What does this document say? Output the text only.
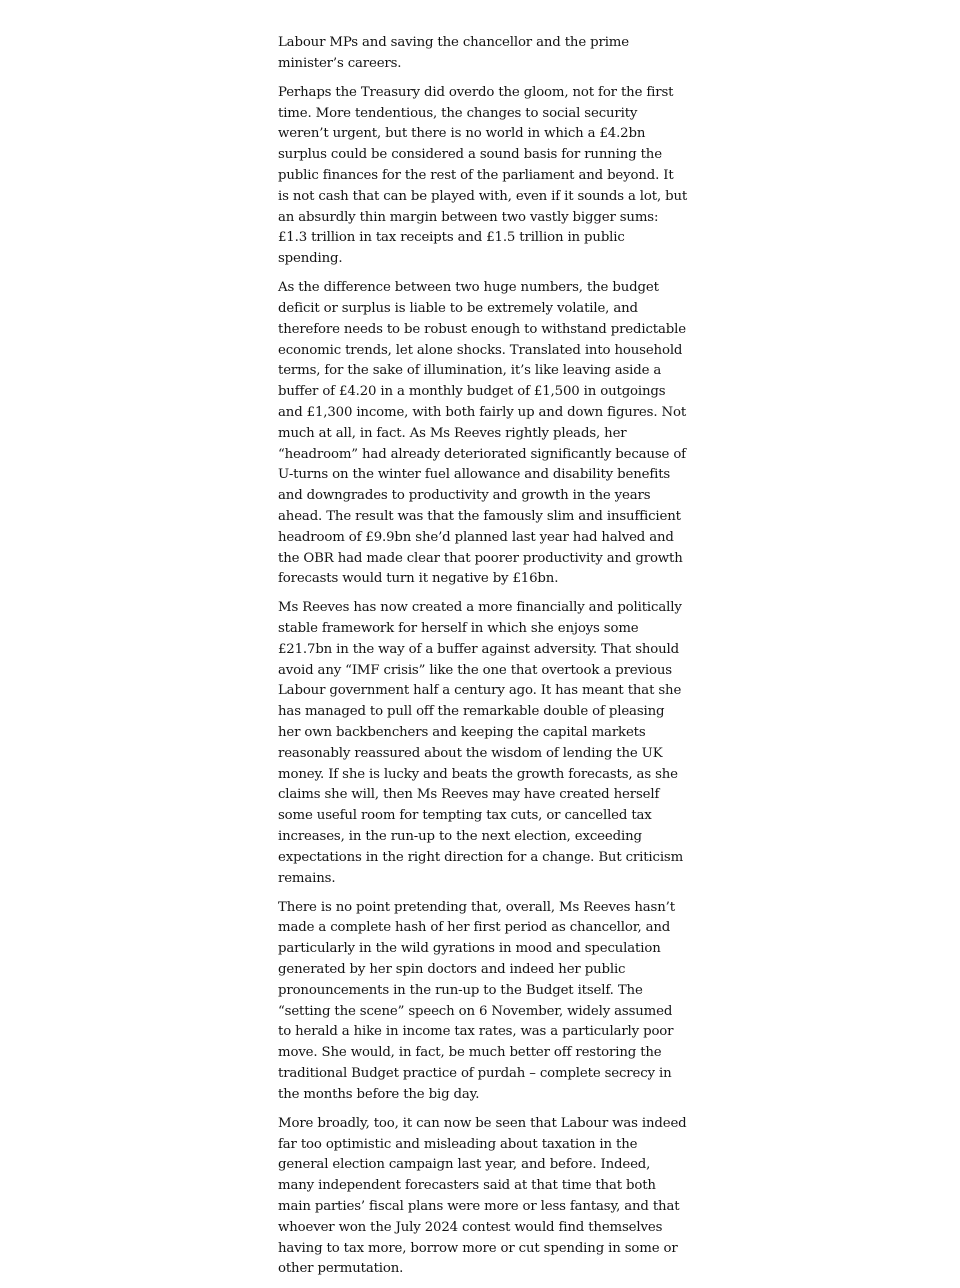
Labour MPs and saving the chancellor and the prime minister’s careers.

Perhaps the Treasury did overdo the gloom, not for the first time. More tendentious, the changes to social security weren’t urgent, but there is no world in which a £4.2bn surplus could be considered a sound basis for running the public finances for the rest of the parliament and beyond. It is not cash that can be played with, even if it sounds a lot, but an absurdly thin margin between two vastly bigger sums: £1.3 trillion in tax receipts and £1.5 trillion in public spending.

As the difference between two huge numbers, the budget deficit or surplus is liable to be extremely volatile, and therefore needs to be robust enough to withstand predictable economic trends, let alone shocks. Translated into household terms, for the sake of illumination, it’s like leaving aside a buffer of £4.20 in a monthly budget of £1,500 in outgoings and £1,300 income, with both fairly up and down figures. Not much at all, in fact. As Ms Reeves rightly pleads, her “headroom” had already deteriorated significantly because of U-turns on the winter fuel allowance and disability benefits and downgrades to productivity and growth in the years ahead. The result was that the famously slim and insufficient headroom of £9.9bn she’d planned last year had halved and the OBR had made clear that poorer productivity and growth forecasts would turn it negative by £16bn.

Ms Reeves has now created a more financially and politically stable framework for herself in which she enjoys some £21.7bn in the way of a buffer against adversity. That should avoid any “IMF crisis” like the one that overtook a previous Labour government half a century ago. It has meant that she has managed to pull off the remarkable double of pleasing her own backbenchers and keeping the capital markets reasonably reassured about the wisdom of lending the UK money. If she is lucky and beats the growth forecasts, as she claims she will, then Ms Reeves may have created herself some useful room for tempting tax cuts, or cancelled tax increases, in the run-up to the next election, exceeding expectations in the right direction for a change. But criticism remains.

There is no point pretending that, overall, Ms Reeves hasn’t made a complete hash of her first period as chancellor, and particularly in the wild gyrations in mood and speculation generated by her spin doctors and indeed her public pronouncements in the run-up to the Budget itself. The “setting the scene” speech on 6 November, widely assumed to herald a hike in income tax rates, was a particularly poor move. She would, in fact, be much better off restoring the traditional Budget practice of purdah – complete secrecy in the months before the big day.

More broadly, too, it can now be seen that Labour was indeed far too optimistic and misleading about taxation in the general election campaign last year, and before. Indeed, many independent forecasters said at that time that both main parties’ fiscal plans were more or less fantasy, and that whoever won the July 2024 contest would find themselves having to tax more, borrow more or cut spending in some or other permutation.
